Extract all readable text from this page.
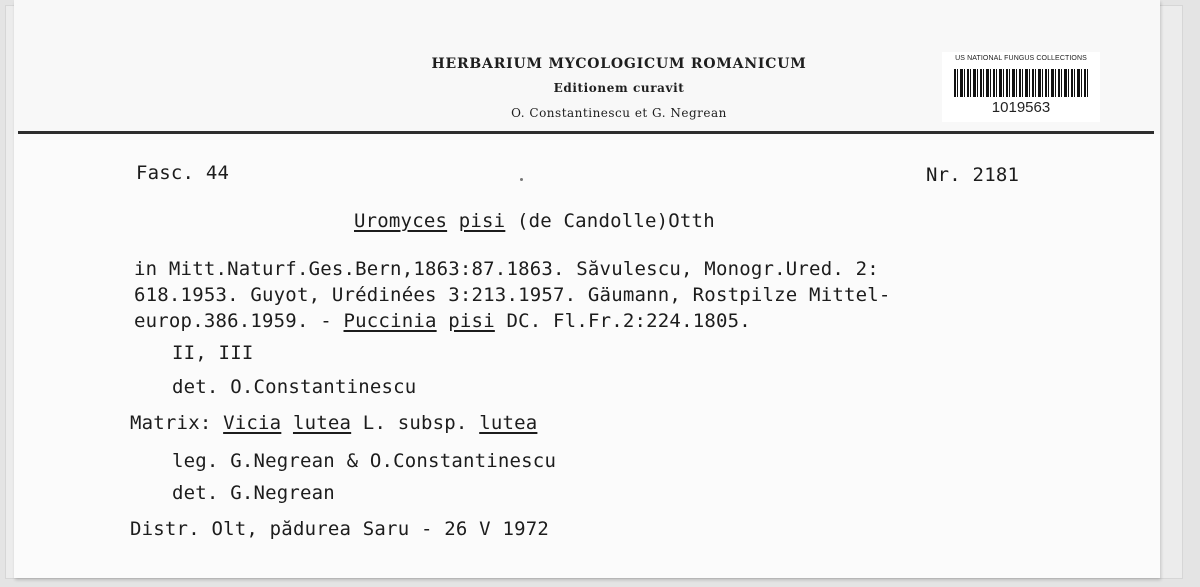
HERBARIUM MYCOLOGICUM ROMANICUM
Editionem curavit
O. Constantinescu et G. Negrean
US NATIONAL FUNGUS COLLECTIONS
1019563
Fasc. 44	Nr. 2181
Uromyces pisi (de Candolle)Otth
in Mitt.Naturf.Ges.Bern,1863:87.1863. Săvulescu, Monogr.Ured. 2:
618.1953. Guyot, Urédinées 3:213.1957. Gäumann, Rostpilze Mittel-
europ.386.1959. - Puccinia pisi DC. Fl.Fr.2:224.1805.
II, III
det. O.Constantinescu
Matrix: Vicia lutea L. subsp. lutea
leg. G.Negrean & O.Constantinescu
det. G.Negrean
Distr. Olt, pădurea Saru - 26 V 1972
